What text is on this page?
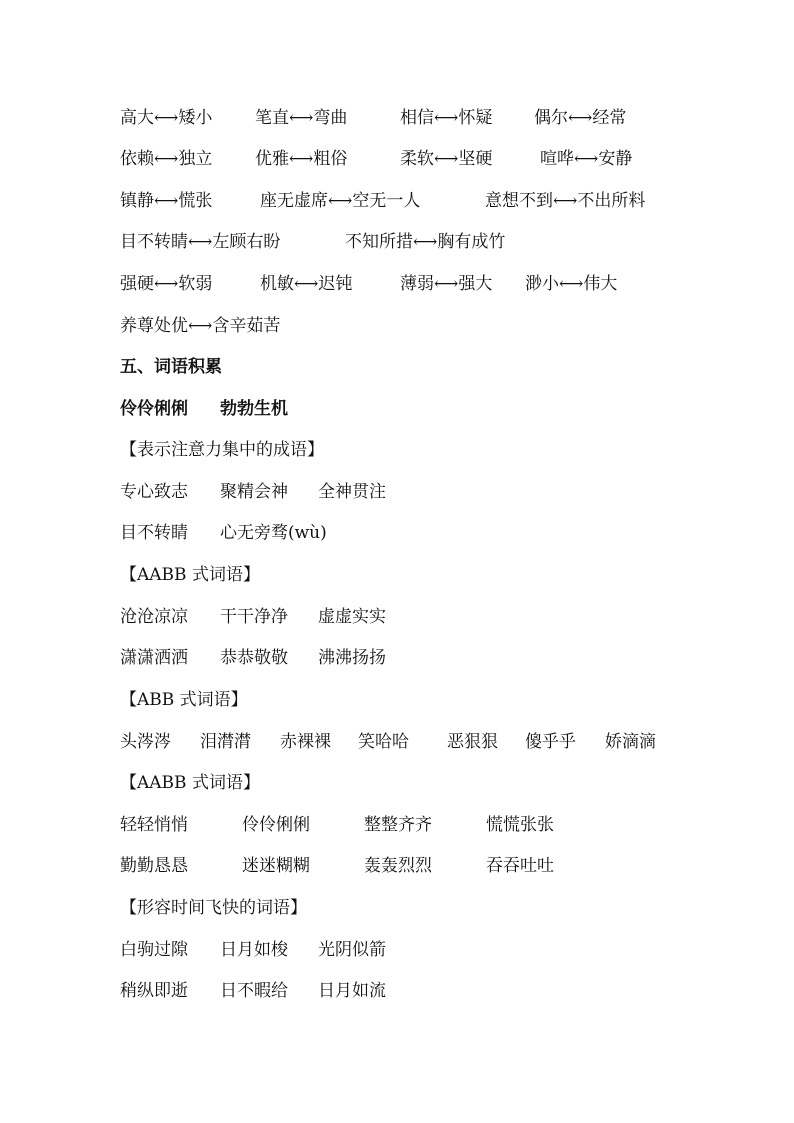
高大⟷矮小	笔直⟷弯曲	相信⟷怀疑 偶尔⟷经常
依赖⟷独立	优雅⟷粗俗	柔软⟷坚硬	喧哗⟷安静
镇静⟷慌张	座无虚席⟷空无一人	意想不到⟷不出所料
目不转睛⟷左顾右盼	不知所措⟷胸有成竹
强硬⟷软弱	机敏⟷迟钝	薄弱⟷强大 渺小⟷伟大
养尊处优⟷含辛茹苦
五、词语积累
伶伶俐俐 勃勃生机
【表示注意力集中的成语】
专心致志 聚精会神 全神贯注
目不转睛 心无旁骛(wù)
【AABB 式词语】
沧沧凉凉 干干净净 虚虚实实
潇潇洒洒 恭恭敬敬 沸沸扬扬
【ABB 式词语】
头涔涔 泪潸潸 赤裸裸 笑哈哈 恶狠狠 傻乎乎 娇滴滴
【AABB 式词语】
轻轻悄悄	伶伶俐俐	整整齐齐	慌慌张张
勤勤恳恳	迷迷糊糊	轰轰烈烈	吞吞吐吐
【形容时间飞快的词语】
白驹过隙 日月如梭 光阴似箭
稍纵即逝 日不暇给 日月如流
